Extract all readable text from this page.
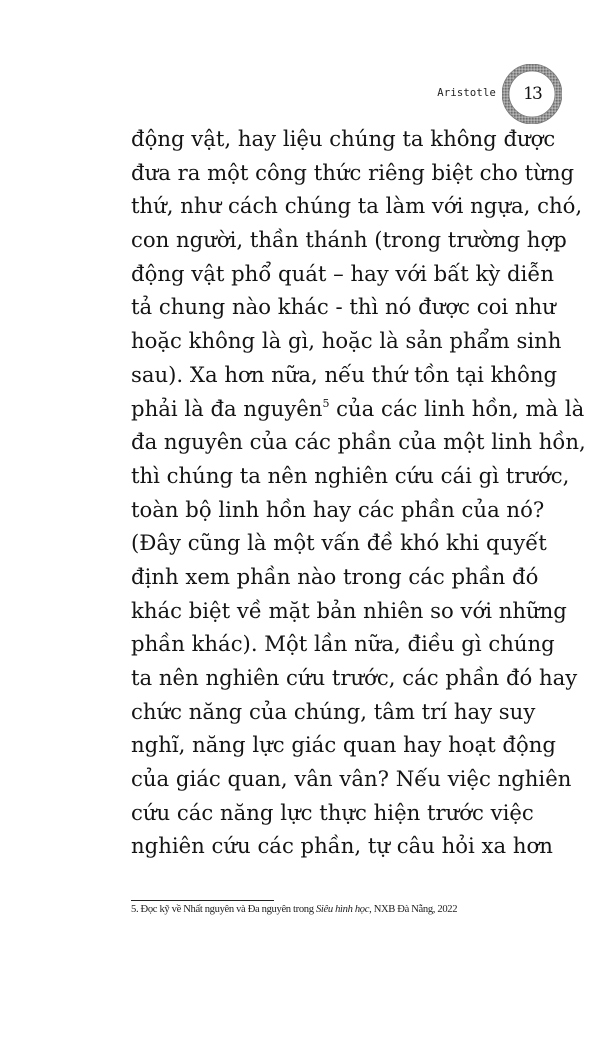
Aristotle	13
động vật, hay liệu chúng ta không được
đưa ra một công thức riêng biệt cho từng
thứ, như cách chúng ta làm với ngựa, chó,
con người, thần thánh (trong trường hợp
động vật phổ quát – hay với bất kỳ diễn
tả chung nào khác - thì nó được coi như
hoặc không là gì, hoặc là sản phẩm sinh
sau). Xa hơn nữa, nếu thứ tồn tại không
phải là đa nguyên$^5$ của các linh hồn, mà là
đa nguyên của các phần của một linh hồn,
thì chúng ta nên nghiên cứu cái gì trước,
toàn bộ linh hồn hay các phần của nó?
(Đây cũng là một vấn đề khó khi quyết
định xem phần nào trong các phần đó
khác biệt về mặt bản nhiên so với những
phần khác). Một lần nữa, điều gì chúng
ta nên nghiên cứu trước, các phần đó hay
chức năng của chúng, tâm trí hay suy
nghĩ, năng lực giác quan hay hoạt động
của giác quan, vân vân? Nếu việc nghiên
cứu các năng lực thực hiện trước việc
nghiên cứu các phần, tự câu hỏi xa hơn
5. Đọc kỹ về Nhất nguyên và Đa nguyên trong Siêu hình học, NXB Đà Nẵng, 2022
